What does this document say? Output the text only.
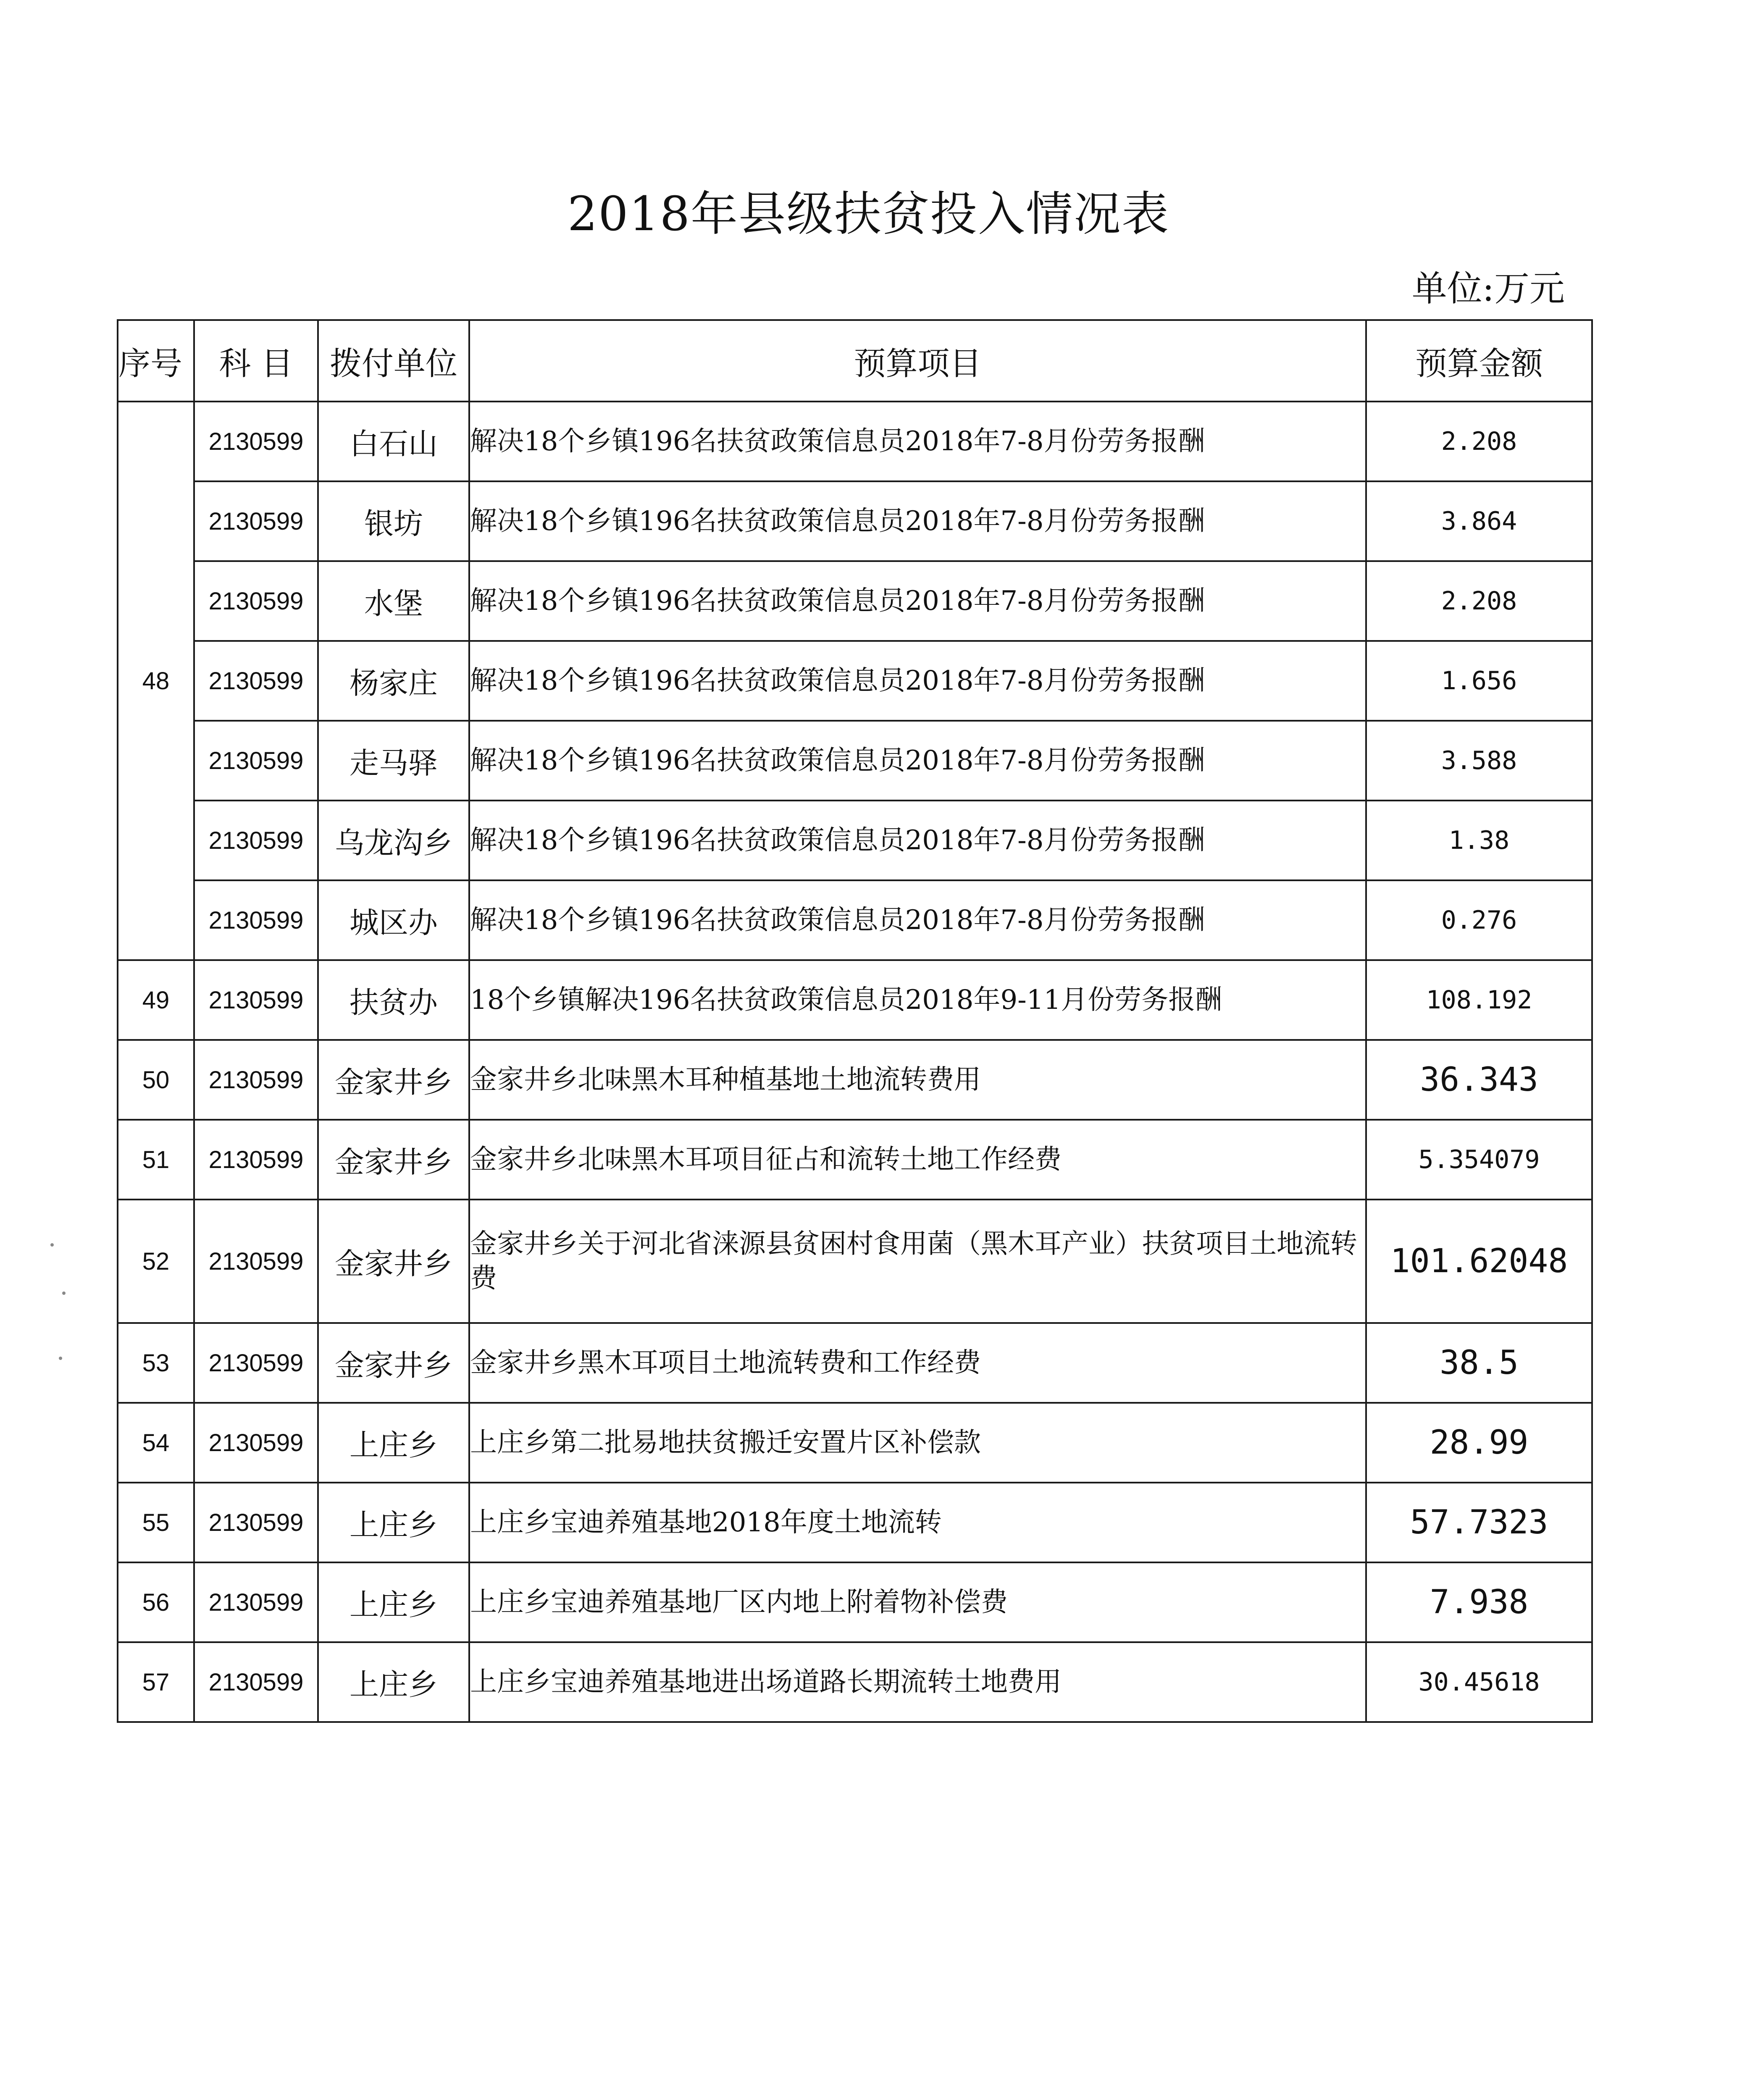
2018年县级扶贫投入情况表
单位:万元
序号	科 目	拨付单位	预算项目	预算金额
48	2130599	白石山	解决18个乡镇196名扶贫政策信息员2018年7-8月份劳务报酬	2.208
	2130599	银坊	解决18个乡镇196名扶贫政策信息员2018年7-8月份劳务报酬	3.864
	2130599	水堡	解决18个乡镇196名扶贫政策信息员2018年7-8月份劳务报酬	2.208
	2130599	杨家庄	解决18个乡镇196名扶贫政策信息员2018年7-8月份劳务报酬	1.656
	2130599	走马驿	解决18个乡镇196名扶贫政策信息员2018年7-8月份劳务报酬	3.588
	2130599	乌龙沟乡	解决18个乡镇196名扶贫政策信息员2018年7-8月份劳务报酬	1.38
	2130599	城区办	解决18个乡镇196名扶贫政策信息员2018年7-8月份劳务报酬	0.276
49	2130599	扶贫办	18个乡镇解决196名扶贫政策信息员2018年9-11月份劳务报酬	108.192
50	2130599	金家井乡	金家井乡北味黑木耳种植基地土地流转费用	36.343
51	2130599	金家井乡	金家井乡北味黑木耳项目征占和流转土地工作经费	5.354079
52	2130599	金家井乡	金家井乡关于河北省涞源县贫困村食用菌（黑木耳产业）扶贫项目土地流转费	101.62048
53	2130599	金家井乡	金家井乡黑木耳项目土地流转费和工作经费	38.5
54	2130599	上庄乡	上庄乡第二批易地扶贫搬迁安置片区补偿款	28.99
55	2130599	上庄乡	上庄乡宝迪养殖基地2018年度土地流转	57.7323
56	2130599	上庄乡	上庄乡宝迪养殖基地厂区内地上附着物补偿费	7.938
57	2130599	上庄乡	上庄乡宝迪养殖基地进出场道路长期流转土地费用	30.45618
